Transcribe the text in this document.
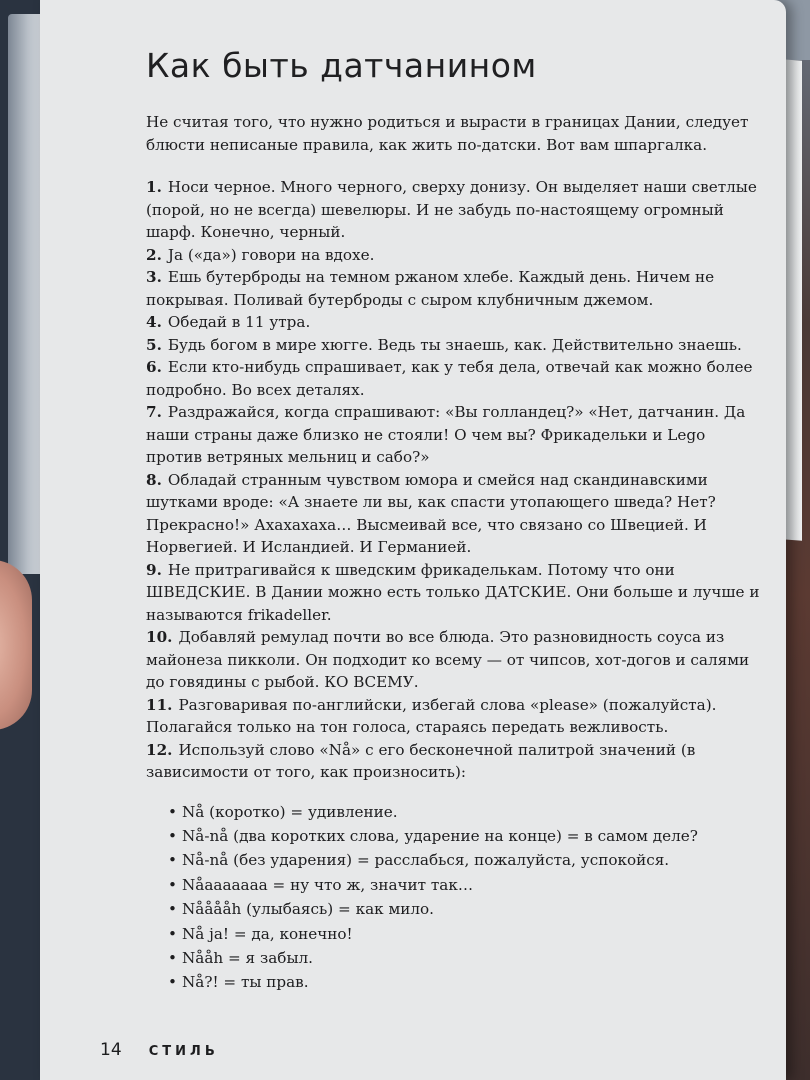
Как быть датчанином

Не считая того, что нужно родиться и вырасти в границах Дании, следует блюсти неписаные правила, как жить по-датски. Вот вам шпаргалка.

1. Носи черное. Много черного, сверху донизу. Он выделяет наши светлые (порой, но не всегда) шевелюры. И не забудь по-настоящему огромный шарф. Конечно, черный.

2. Ja («да») говори на вдохе.

3. Ешь бутерброды на темном ржаном хлебе. Каждый день. Ничем не покрывая. Поливай бутерброды с сыром клубничным джемом.

4. Обедай в 11 утра.

5. Будь богом в мире хюгге. Ведь ты знаешь, как. Действительно знаешь.

6. Если кто-нибудь спрашивает, как у тебя дела, отвечай как можно более подробно. Во всех деталях.

7. Раздражайся, когда спрашивают: «Вы голландец?» «Нет, датчанин. Да наши страны даже близко не стояли! О чем вы? Фрикадельки и Lego против ветряных мельниц и сабо?»

8. Обладай странным чувством юмора и смейся над скандинавскими шутками вроде: «А знаете ли вы, как спасти утопающего шведа? Нет? Прекрасно!» Ахахахаха… Высмеивай все, что связано со Швецией. И Норвегией. И Исландией. И Германией.

9. Не притрагивайся к шведским фрикаделькам. Потому что они ШВЕДСКИЕ. В Дании можно есть только ДАТСКИЕ. Они больше и лучше и называются frikadeller.

10. Добавляй ремулад почти во все блюда. Это разновидность соуса из майонеза пикколи. Он подходит ко всему — от чипсов, хот-догов и салями до говядины с рыбой. КО ВСЕМУ.

11. Разговаривая по-английски, избегай слова «please» (пожалуйста). Полагайся только на тон голоса, стараясь передать вежливость.

12. Используй слово «Nå» с его бесконечной палитрой значений (в зависимости от того, как произносить):

• Nå (коротко) = удивление.
• Nå-nå (два коротких слова, ударение на конце) = в самом деле?
• Nå-nå (без ударения) = расслабься, пожалуйста, успокойся.
• Nåааааааа = ну что ж, значит так…
• Nååååh (улыбаясь) = как мило.
• Nå ja! = да, конечно!
• Nååh = я забыл.
• Nå?! = ты прав.
14 СТИЛЬ
